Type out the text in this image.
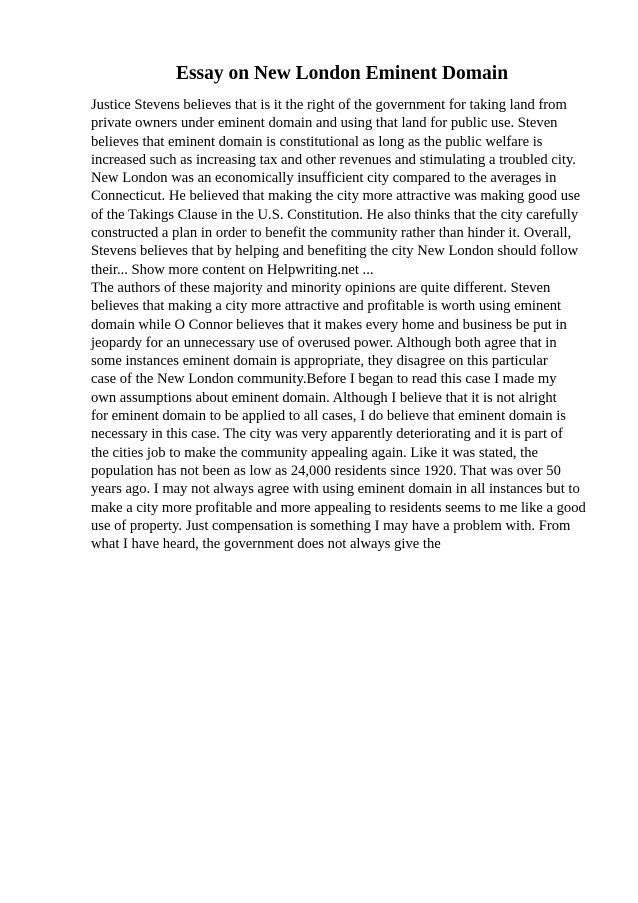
Essay on New London Eminent Domain
Justice Stevens believes that is it the right of the government for taking land from
private owners under eminent domain and using that land for public use. Steven
believes that eminent domain is constitutional as long as the public welfare is
increased such as increasing tax and other revenues and stimulating a troubled city.
New London was an economically insufficient city compared to the averages in
Connecticut. He believed that making the city more attractive was making good use
of the Takings Clause in the U.S. Constitution. He also thinks that the city carefully
constructed a plan in order to benefit the community rather than hinder it. Overall,
Stevens believes that by helping and benefiting the city New London should follow
their... Show more content on Helpwriting.net ...
The authors of these majority and minority opinions are quite different. Steven
believes that making a city more attractive and profitable is worth using eminent
domain while O Connor believes that it makes every home and business be put in
jeopardy for an unnecessary use of overused power. Although both agree that in
some instances eminent domain is appropriate, they disagree on this particular
case of the New London community.Before I began to read this case I made my
own assumptions about eminent domain. Although I believe that it is not alright
for eminent domain to be applied to all cases, I do believe that eminent domain is
necessary in this case. The city was very apparently deteriorating and it is part of
the cities job to make the community appealing again. Like it was stated, the
population has not been as low as 24,000 residents since 1920. That was over 50
years ago. I may not always agree with using eminent domain in all instances but to
make a city more profitable and more appealing to residents seems to me like a good
use of property. Just compensation is something I may have a problem with. From
what I have heard, the government does not always give the
